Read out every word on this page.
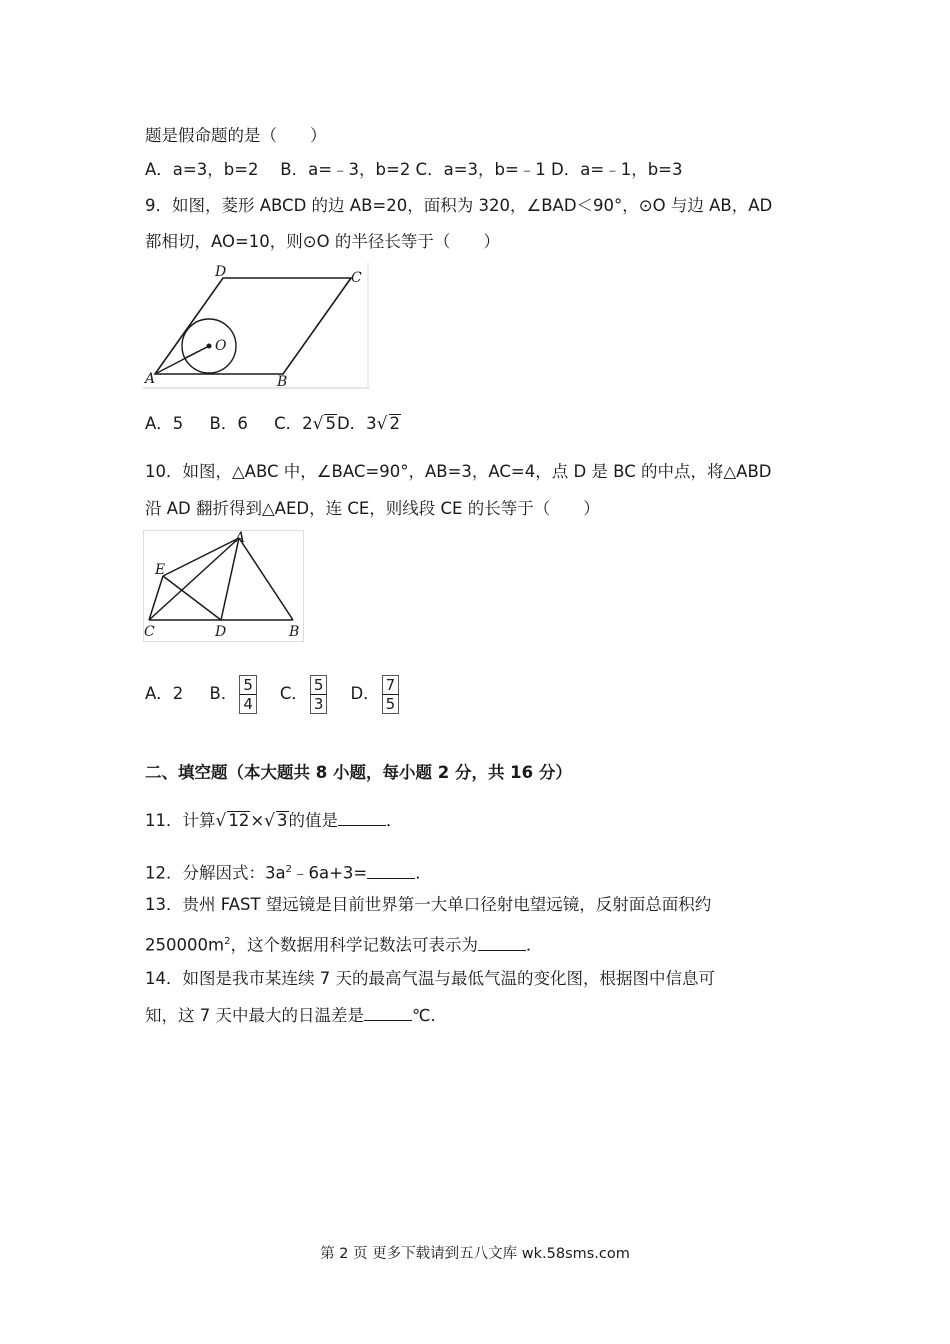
题是假命题的是（　　）
A．a=3，b=2　 B．a=﹣3，b=2 C．a=3，b=﹣1 D．a=﹣1，b=3
9．如图，菱形 ABCD 的边 AB=20，面积为 320，∠BAD＜90°，⊙O 与边 AB，AD
都相切，AO=10，则⊙O 的半径长等于（　　）
A	B
C
D
O
A．5 B．6 C．2√ 5D．3√ 2
10．如图，△ABC 中，∠BAC=90°，AB=3，AC=4，点 D 是 BC 的中点，将△ABD
沿 AD 翻折得到△AED，连 CE，则线段 CE 的长等于（　　）
A
B
C	D
E
A．2 B． $\frac{5}{4}$ C． $\frac{5}{3}$ D． $\frac{7}{5}$
二、填空题（本大题共 8 小题，每小题 2 分，共 16 分）
11．计算√ 12×√ 3的值是	．
12．分解因式：$3a^2﹣6a+3=$	．
13．贵州 FAST 望远镜是目前世界第一大单口径射电望远镜，反射面总面积约
$250000m^2$，这个数据用科学记数法可表示为	．
14．如图是我市某连续 7 天的最高气温与最低气温的变化图，根据图中信息可
知，这 7 天中最大的日温差是	℃．
第 2 页 更多下载请到五八文库 wk.58sms.com
